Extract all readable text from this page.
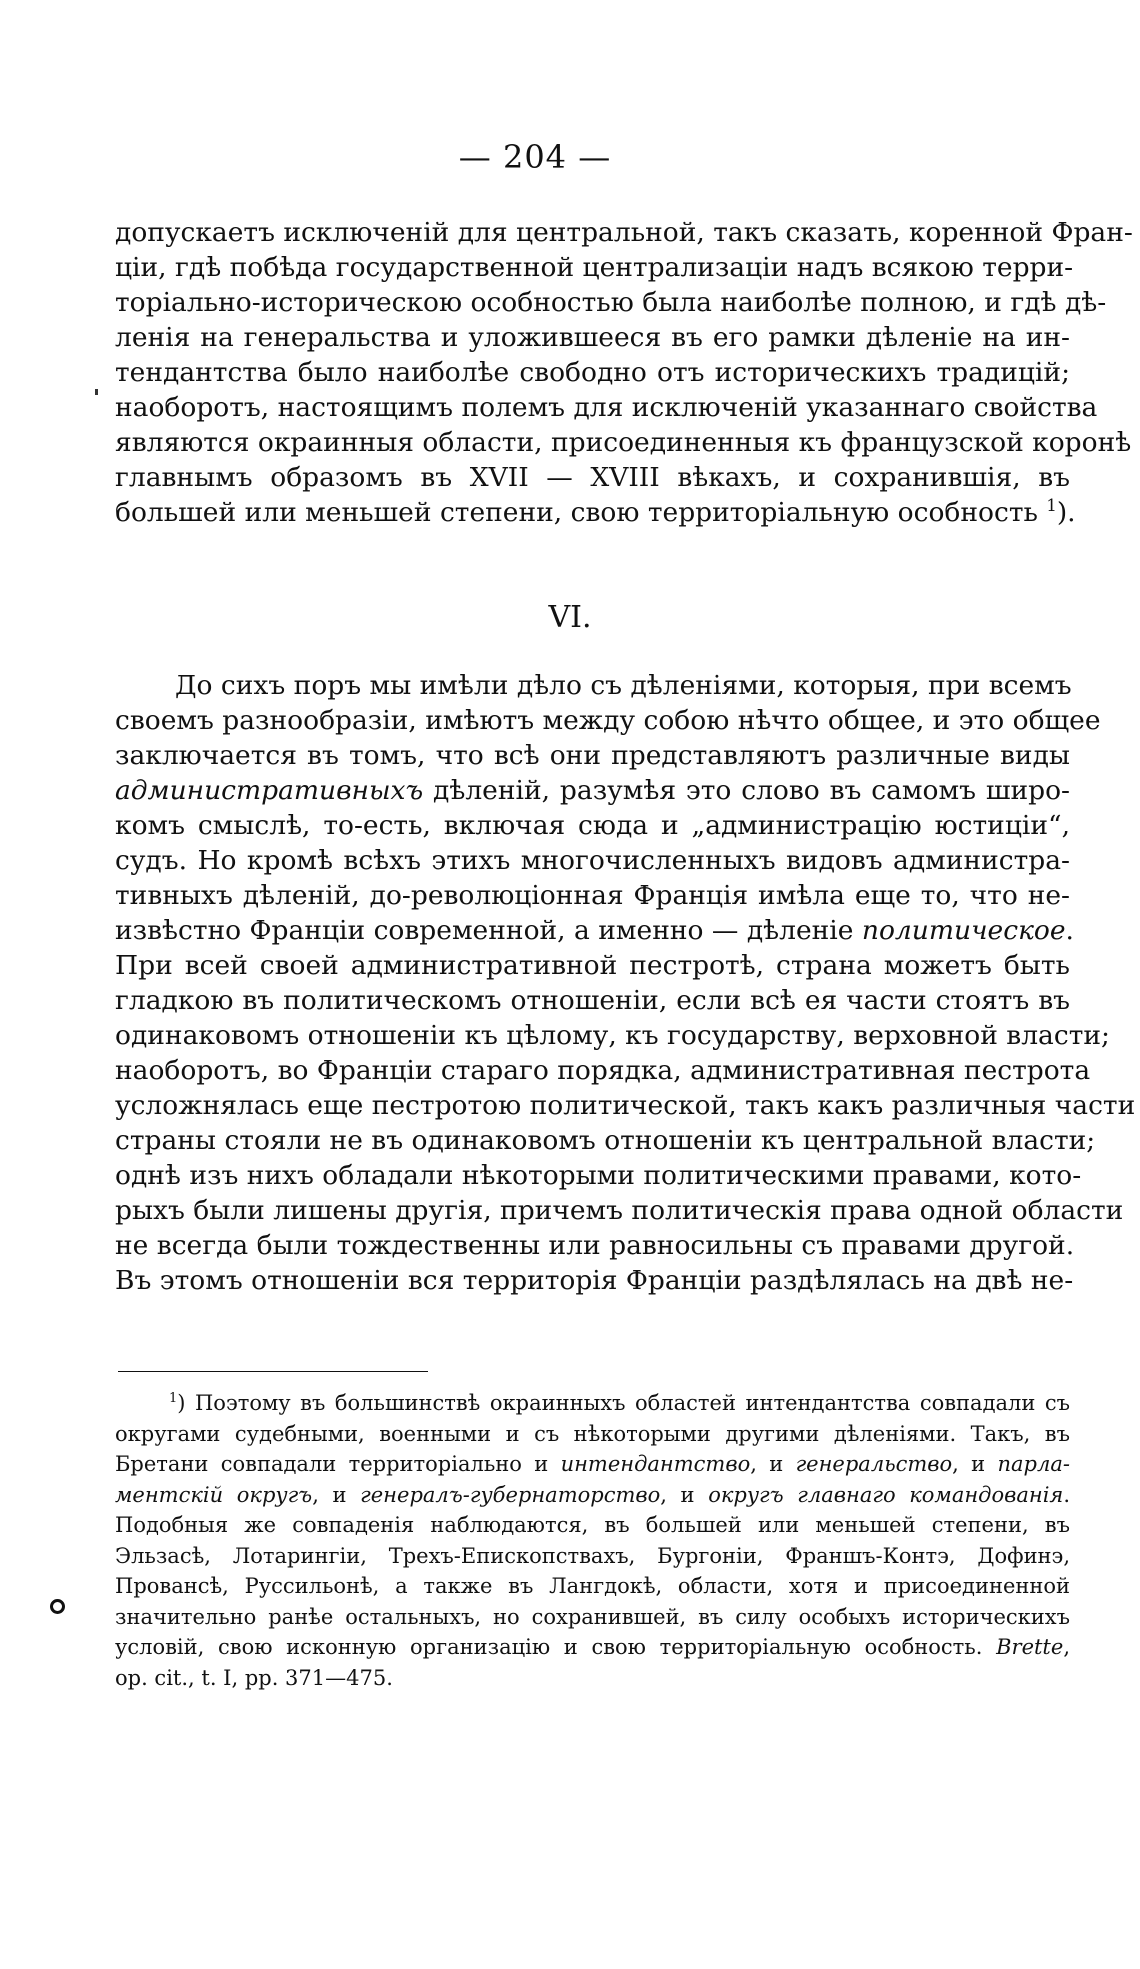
— 204 —
допускаетъ исключеній для центральной, такъ сказать, коренной Фран-
ціи, гдѣ побѣда государственной централизаціи надъ всякою терри-
торіально-историческою особностью была наиболѣе полною, и гдѣ дѣ-
ленія на генеральства и уложившееся въ его рамки дѣленіе на ин-
тендантства было наиболѣе свободно отъ историческихъ традицій;
наоборотъ, настоящимъ полемъ для исключеній указаннаго свойства
являются окраинныя области, присоединенныя къ французской коронѣ
главнымъ образомъ въ XVII — XVIII вѣкахъ, и сохранившія, въ
большей или меньшей степени, свою территоріальную особность $^1$).
VI.
До сихъ поръ мы имѣли дѣло съ дѣленіями, которыя, при всемъ
своемъ разнообразіи, имѣютъ между собою нѣчто общее, и это общее
заключается въ томъ, что всѣ они представляютъ различные виды
административныхъ дѣленій, разумѣя это слово въ самомъ широ-
комъ смыслѣ, то-есть, включая сюда и „администрацію юстиціи“,
судъ. Но кромѣ всѣхъ этихъ многочисленныхъ видовъ администра-
тивныхъ дѣленій, до-революціонная Франція имѣла еще то, что не-
извѣстно Франціи современной, а именно — дѣленіе политическое.
При всей своей административной пестротѣ, страна можетъ быть
гладкою въ политическомъ отношеніи, если всѣ ея части стоятъ въ
одинаковомъ отношеніи къ цѣлому, къ государству, верховной власти;
наоборотъ, во Франціи стараго порядка, административная пестрота
усложнялась еще пестротою политической, такъ какъ различныя части
страны стояли не въ одинаковомъ отношеніи къ центральной власти;
однѣ изъ нихъ обладали нѣкоторыми политическими правами, кото-
рыхъ были лишены другія, причемъ политическія права одной области
не всегда были тождественны или равносильны съ правами другой.
Въ этомъ отношеніи вся территорія Франціи раздѣлялась на двѣ не-
$^1$) Поэтому въ большинствѣ окраинныхъ областей интендантства совпадали съ
округами судебными, военными и съ нѣкоторыми другими дѣленіями. Такъ, въ
Бретани совпадали территоріально и интендантство, и генеральство, и парла-
ментскій округъ, и генералъ-губернаторство, и округъ главнаго командованія.
Подобныя же совпаденія наблюдаются, въ большей или меньшей степени, въ
Эльзасѣ, Лотарингіи, Трехъ-Епископствахъ, Бургоніи, Франшъ-Контэ, Дофинэ,
Провансѣ, Руссильонѣ, а также въ Лангдокѣ, области, хотя и присоединенной
значительно ранѣе остальныхъ, но сохранившей, въ силу особыхъ историческихъ
условій, свою исконную организацію и свою территоріальную особность. Brette,
op. cit., t. I, pp. 371—475.
